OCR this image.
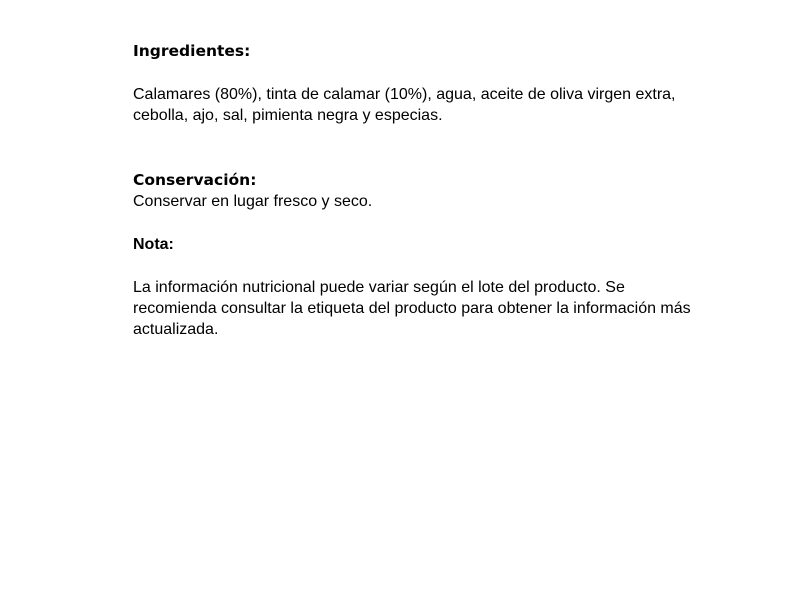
Ingredientes:

Calamares (80%), tinta de calamar (10%), agua, aceite de oliva virgen extra, cebolla, ajo, sal, pimienta negra y especias.

Conservación:

Conservar en lugar fresco y seco.

Nota:

La información nutricional puede variar según el lote del producto. Se recomienda consultar la etiqueta del producto para obtener la información más actualizada.
